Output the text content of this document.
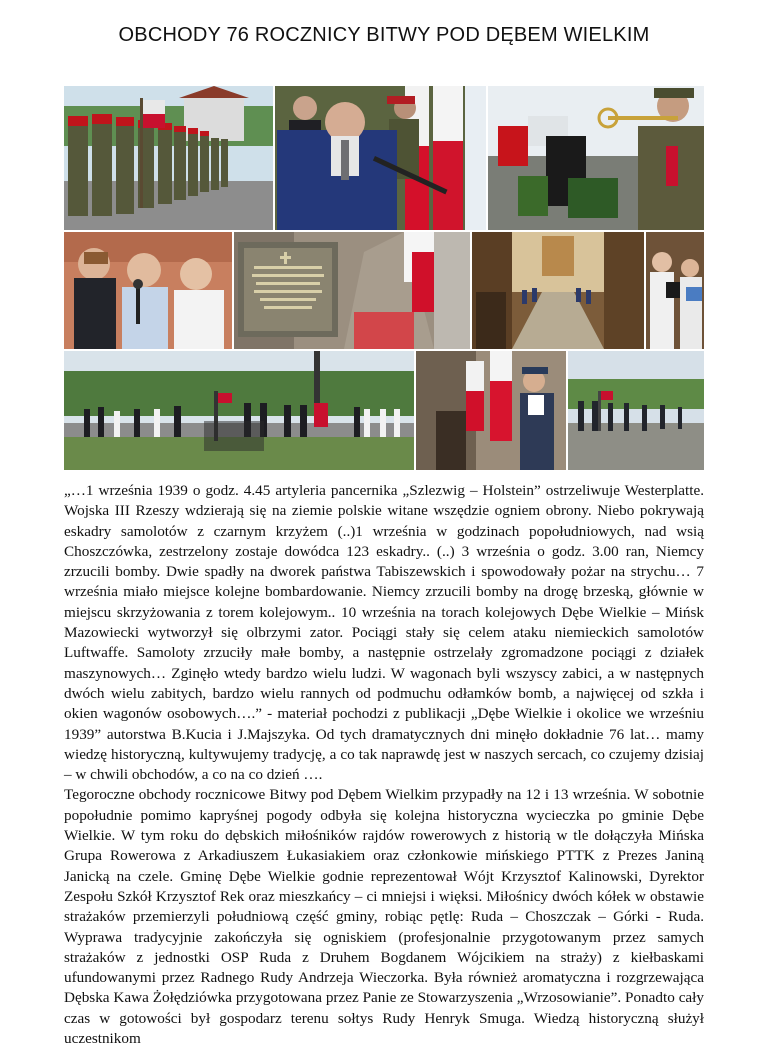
OBCHODY 76 ROCZNICY BITWY POD DĘBEM WIELKIM

„…1 września 1939 o godz. 4.45 artyleria pancernika „Szlezwig – Holstein” ostrzeliwuje Westerplatte. Wojska III Rzeszy wdzierają się na ziemie polskie witane wszędzie ogniem obrony. Niebo pokrywają eskadry samolotów z czarnym krzyżem (..)1 września w godzinach popołudniowych, nad wsią Choszczówka, zestrzelony zostaje dowódca 123 eskadry.. (..) 3 września o godz. 3.00 ran, Niemcy zrzucili bomby. Dwie spadły na dworek państwa Tabiszewskich i spowodowały pożar na strychu… 7 września miało miejsce kolejne bombardowanie. Niemcy zrzucili bomby na drogę brzeską, głównie w miejscu skrzyżowania z torem kolejowym.. 10 września na torach kolejowych Dębe Wielkie – Mińsk Mazowiecki wytworzył się olbrzymi zator. Pociągi stały się celem ataku niemieckich samolotów Luftwaffe. Samoloty zrzuciły małe bomby, a następnie ostrzelały zgromadzone pociągi z działek maszynowych… Zginęło wtedy bardzo wielu ludzi. W wagonach byli wszyscy zabici, a w następnych dwóch wielu zabitych, bardzo wielu rannych od podmuchu odłamków bomb, a najwięcej od szkła i okien wagonów osobowych….” - materiał pochodzi z publikacji „Dębe Wielkie i okolice we wrześniu 1939” autorstwa B.Kucia i J.Majszyka. Od tych dramatycznych dni minęło dokładnie 76 lat… mamy wiedzę historyczną, kultywujemy tradycję, a co tak naprawdę jest w naszych sercach, co czujemy dzisiaj – w chwili obchodów, a co na co dzień ….

Tegoroczne obchody rocznicowe Bitwy pod Dębem Wielkim przypadły na 12 i 13 września. W sobotnie popołudnie pomimo kapryśnej pogody odbyła się kolejna historyczna wycieczka po gminie Dębe Wielkie. W tym roku do dębskich miłośników rajdów rowerowych z historią w tle dołączyła Mińska Grupa Rowerowa z Arkadiuszem Łukasiakiem oraz członkowie mińskiego PTTK z Prezes Janiną Janicką na czele. Gminę Dębe Wielkie godnie reprezentował Wójt Krzysztof Kalinowski, Dyrektor Zespołu Szkół Krzysztof Rek oraz mieszkańcy – ci mniejsi i więksi. Miłośnicy dwóch kółek w obstawie strażaków przemierzyli południową część gminy, robiąc pętlę: Ruda – Choszczak – Górki - Ruda. Wyprawa tradycyjnie zakończyła się ogniskiem (profesjonalnie przygotowanym przez samych strażaków z jednostki OSP Ruda z Druhem Bogdanem Wójcikiem na straży) z kiełbaskami ufundowanymi przez Radnego Rudy Andrzeja Wieczorka. Była również aromatyczna i rozgrzewająca Dębska Kawa Żołędziówka przygotowana przez Panie ze Stowarzyszenia „Wrzosowianie”. Ponadto cały czas w gotowości był gospodarz terenu sołtys Rudy Henryk Smuga. Wiedzą historyczną służył uczestnikom
